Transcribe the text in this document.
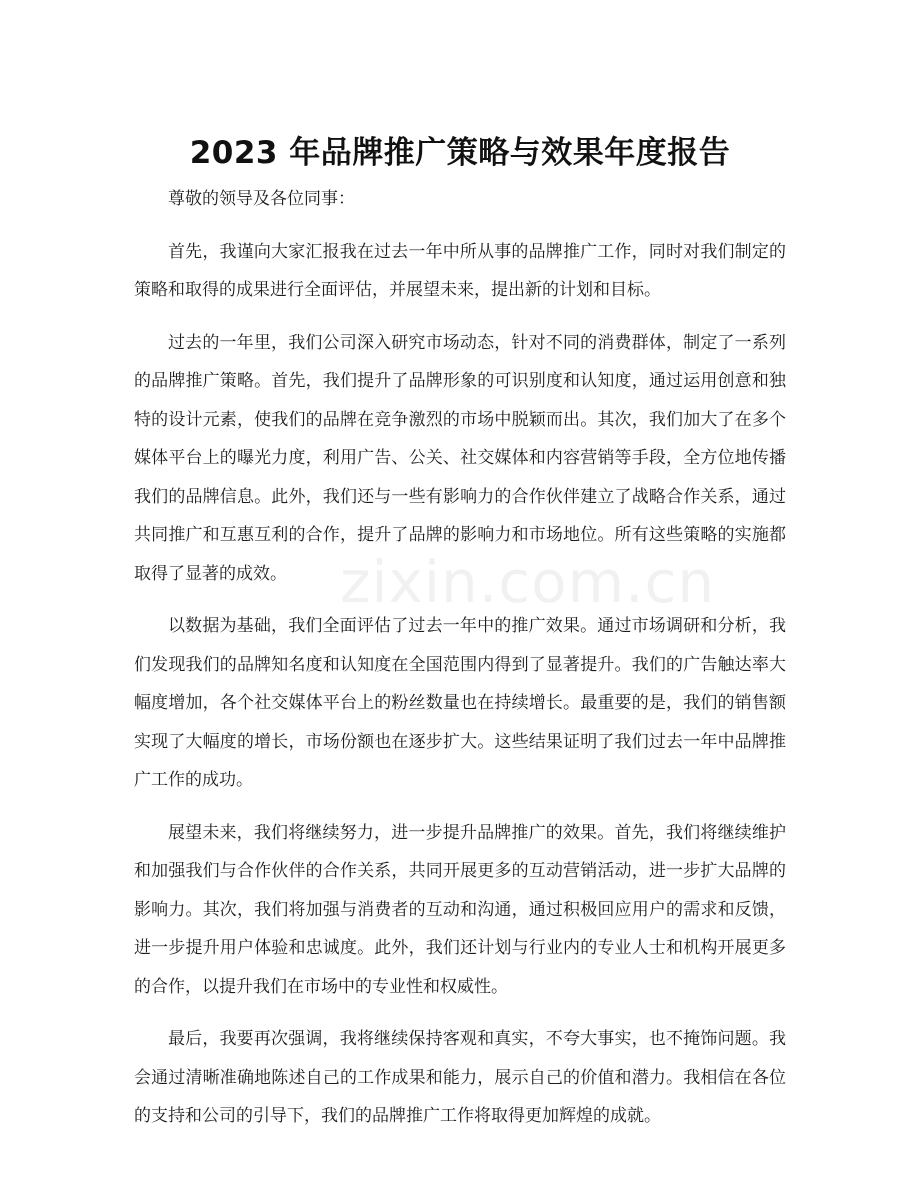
zixin.com.cn
2023 年品牌推广策略与效果年度报告

尊敬的领导及各位同事：

首先，我谨向大家汇报我在过去一年中所从事的品牌推广工作，同时对我们制定的策略和取得的成果进行全面评估，并展望未来，提出新的计划和目标。

过去的一年里，我们公司深入研究市场动态，针对不同的消费群体，制定了一系列的品牌推广策略。首先，我们提升了品牌形象的可识别度和认知度，通过运用创意和独特的设计元素，使我们的品牌在竞争激烈的市场中脱颖而出。其次，我们加大了在多个媒体平台上的曝光力度，利用广告、公关、社交媒体和内容营销等手段，全方位地传播我们的品牌信息。此外，我们还与一些有影响力的合作伙伴建立了战略合作关系，通过共同推广和互惠互利的合作，提升了品牌的影响力和市场地位。所有这些策略的实施都取得了显著的成效。

以数据为基础，我们全面评估了过去一年中的推广效果。通过市场调研和分析，我们发现我们的品牌知名度和认知度在全国范围内得到了显著提升。我们的广告触达率大幅度增加，各个社交媒体平台上的粉丝数量也在持续增长。最重要的是，我们的销售额实现了大幅度的增长，市场份额也在逐步扩大。这些结果证明了我们过去一年中品牌推广工作的成功。

展望未来，我们将继续努力，进一步提升品牌推广的效果。首先，我们将继续维护和加强我们与合作伙伴的合作关系，共同开展更多的互动营销活动，进一步扩大品牌的影响力。其次，我们将加强与消费者的互动和沟通，通过积极回应用户的需求和反馈，进一步提升用户体验和忠诚度。此外，我们还计划与行业内的专业人士和机构开展更多的合作，以提升我们在市场中的专业性和权威性。

最后，我要再次强调，我将继续保持客观和真实，不夸大事实，也不掩饰问题。我会通过清晰准确地陈述自己的工作成果和能力，展示自己的价值和潜力。我相信在各位的支持和公司的引导下，我们的品牌推广工作将取得更加辉煌的成就。
